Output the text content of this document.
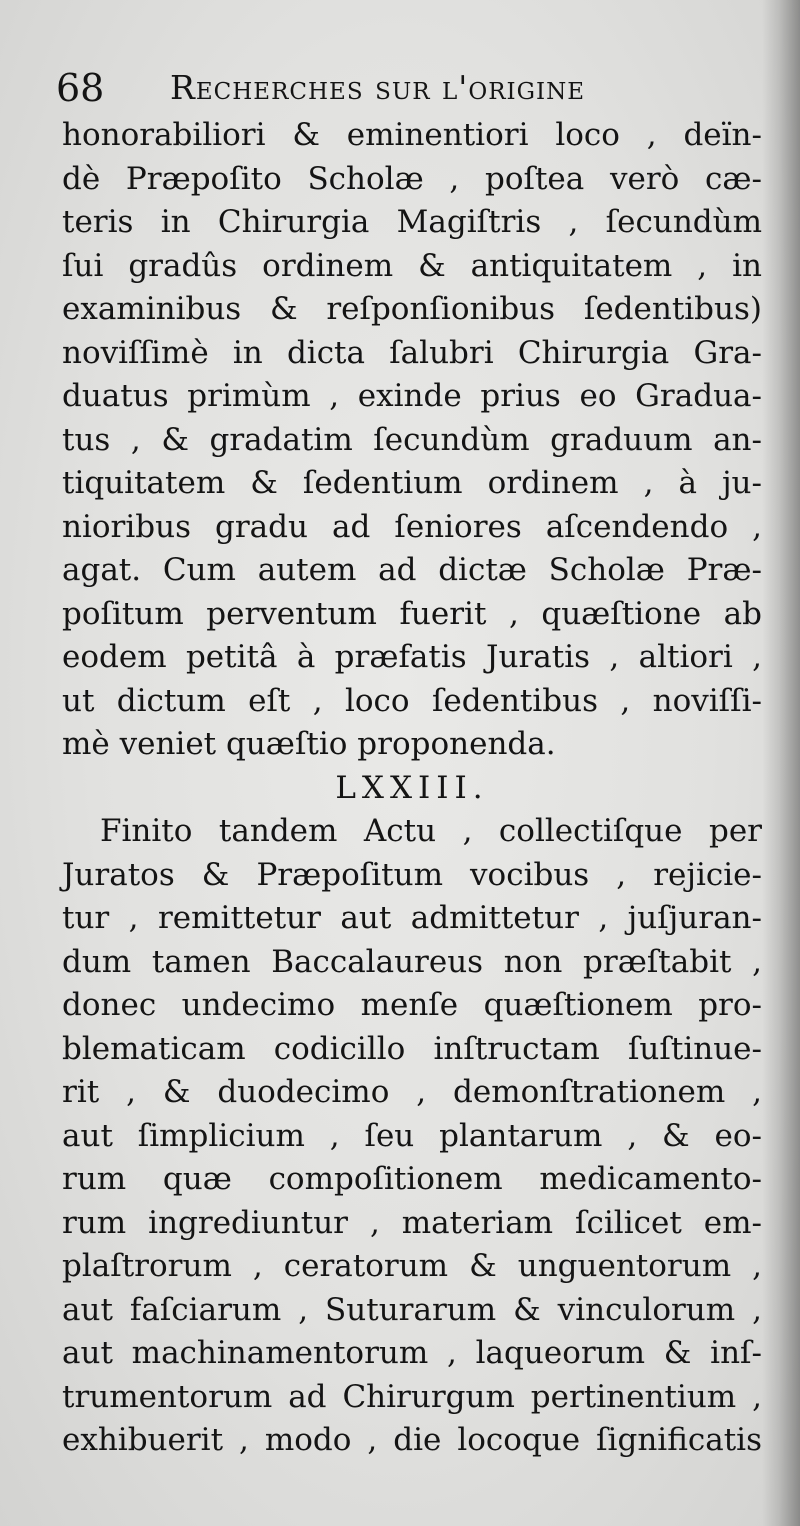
68 Recherches sur l'origine
honorabiliori & eminentiori loco , deïn-
dè Præpoſito Scholæ , poſtea verò cæ-
teris in Chirurgia Magiſtris , ſecundùm
ſui gradûs ordinem & antiquitatem , in
examinibus & reſponſionibus ſedentibus)
noviſſimè in dicta ſalubri Chirurgia Gra-
duatus primùm , exinde prius eo Gradua-
tus , & gradatim ſecundùm graduum an-
tiquitatem & ſedentium ordinem , à ju-
nioribus gradu ad ſeniores aſcendendo ,
agat. Cum autem ad dictæ Scholæ Præ-
poſitum perventum fuerit , quæſtione ab
eodem petitâ à præfatis Juratis , altiori ,
ut dictum eſt , loco ſedentibus , noviſſi-
mè veniet quæſtio proponenda.
LXXIII.
Finito tandem Actu , collectiſque per
Juratos & Præpoſitum vocibus , rejicie-
tur , remittetur aut admittetur , juſjuran-
dum tamen Baccalaureus non præſtabit ,
donec undecimo menſe quæſtionem pro-
blematicam codicillo inſtructam ſuſtinue-
rit , & duodecimo , demonſtrationem ,
aut ſimplicium , ſeu plantarum , & eo-
rum quæ compoſitionem medicamento-
rum ingrediuntur , materiam ſcilicet em-
plaſtrorum , ceratorum & unguentorum ,
aut faſciarum , Suturarum & vinculorum ,
aut machinamentorum , laqueorum & inſ-
trumentorum ad Chirurgum pertinentium ,
exhibuerit , modo , die locoque ſignificatis
